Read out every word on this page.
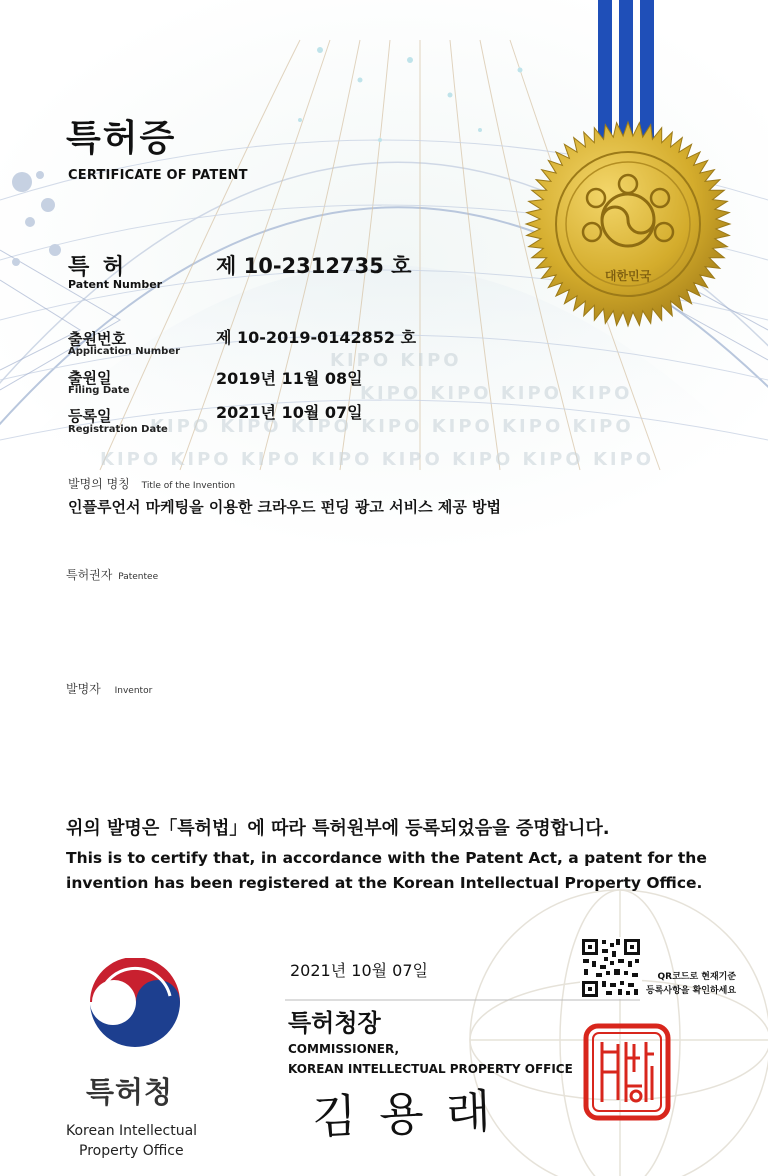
KIPO KIPO
KIPO KIPO KIPO KIPO
KIPO KIPO KIPO KIPO KIPO KIPO KIPO
KIPO KIPO KIPO KIPO KIPO KIPO KIPO KIPO
대한민국
특허증
CERTIFICATE OF PATENT
특 허
Patent Number
제 10-2312735 호
출원번호
Application Number
제 10-2019-0142852 호
출원일
Filing Date
2019년 11월 08일
등록일
Registration Date
2021년 10월 07일
발명의 명칭 Title of the Invention
인플루언서 마케팅을 이용한 크라우드 펀딩 광고 서비스 제공 방법
특허권자 Patentee
발명자 Inventor
위의 발명은「특허법」에 따라 특허원부에 등록되었음을 증명합니다.
This is to certify that, in accordance with the Patent Act, a patent for the
invention has been registered at the Korean Intellectual Property Office.
2021년 10월 07일	QR코드로 현재기준
등록사항을 확인하세요
특허청장
COMMISSIONER,
KOREAN INTELLECTUAL PROPERTY OFFICE
김 용 래
특허청
Korean Intellectual
Property Office
